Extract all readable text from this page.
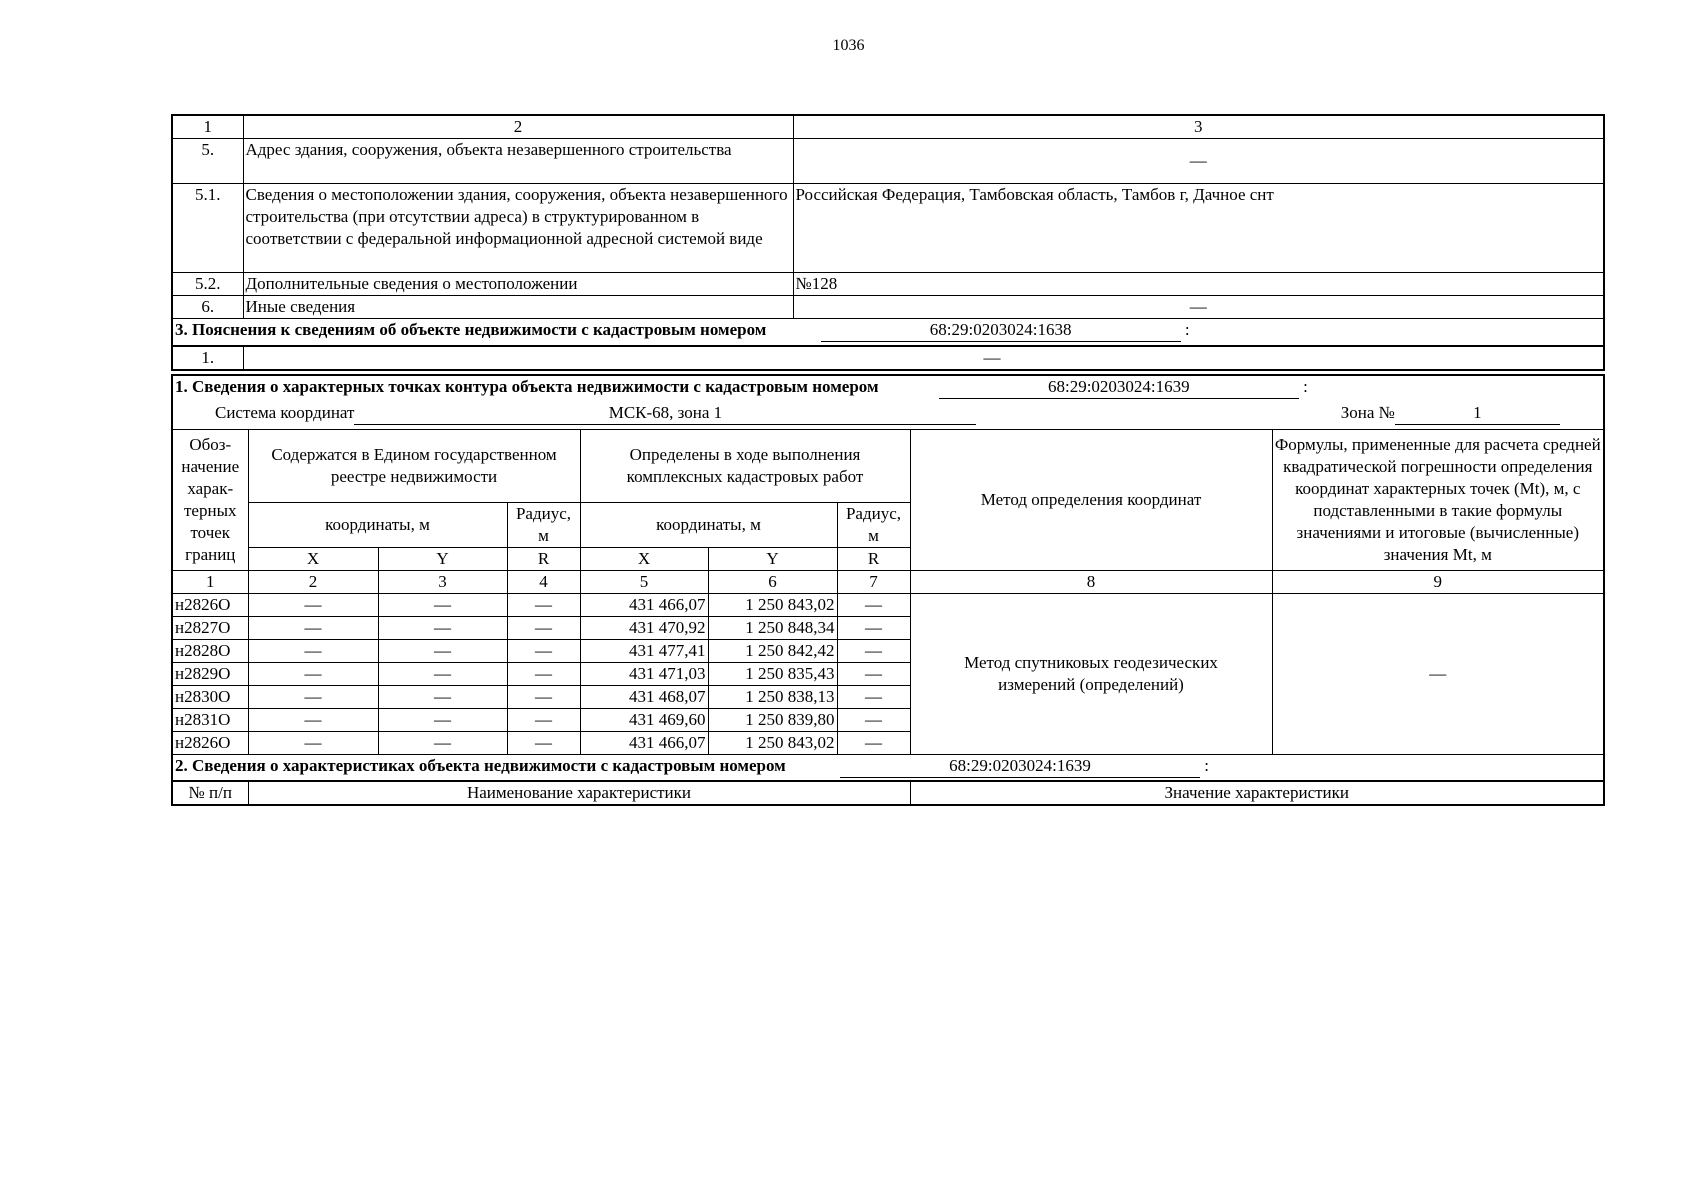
1036
1	2	3
5.	Адрес здания, сооружения, объекта незавершенного строительства	—
5.1.	Сведения о местоположении здания, сооружения, объекта незавершенного строительства (при отсутствии адреса) в структурированном в соответствии с федеральной информационной адресной системой виде	Российская Федерация, Тамбовская область, Тамбов г, Дачное снт
5.2.	Дополнительные сведения о местоположении	№128
6.	Иные сведения	—
3. Пояснения к сведениям об объекте недвижимости с кадастровым номером 68:29:0203024:1638 :		
1.	—	
1. Сведения о характерных точках контура объекта недвижимости с кадастровым номером 68:29:0203024:1639 :								
Система координат МСК-68, зона 1 Зона № 1								
Обоз-начение харак-терных точек границ	Содержатся в Едином государственном реестре недвижимости			Определены в ходе выполнения комплексных кадастровых работ			Метод определения координат	Формулы, примененные для расчета средней квадратической погрешности определения координат характерных точек (Mt), м, с подставленными в такие формулы значениями и итоговые (вычисленные) значения Mt, м
	координаты, м		Радиус, м	координаты, м		Радиус, м		
	X	Y	R	X	Y	R		
1	2	3	4	5	6	7	8	9
н2826О	—	—	—	431 466,07	1 250 843,02	—	Метод спутниковых геодезических измерений (определений)	—
н2827О	—	—	—	431 470,92	1 250 848,34	—		
н2828О	—	—	—	431 477,41	1 250 842,42	—		
н2829О	—	—	—	431 471,03	1 250 835,43	—		
н2830О	—	—	—	431 468,07	1 250 838,13	—		
н2831О	—	—	—	431 469,60	1 250 839,80	—		
н2826О	—	—	—	431 466,07	1 250 843,02	—		
2. Сведения о характеристиках объекта недвижимости с кадастровым номером 68:29:0203024:1639 :								
№ п/п	Наименование характеристики						Значение характеристики	
